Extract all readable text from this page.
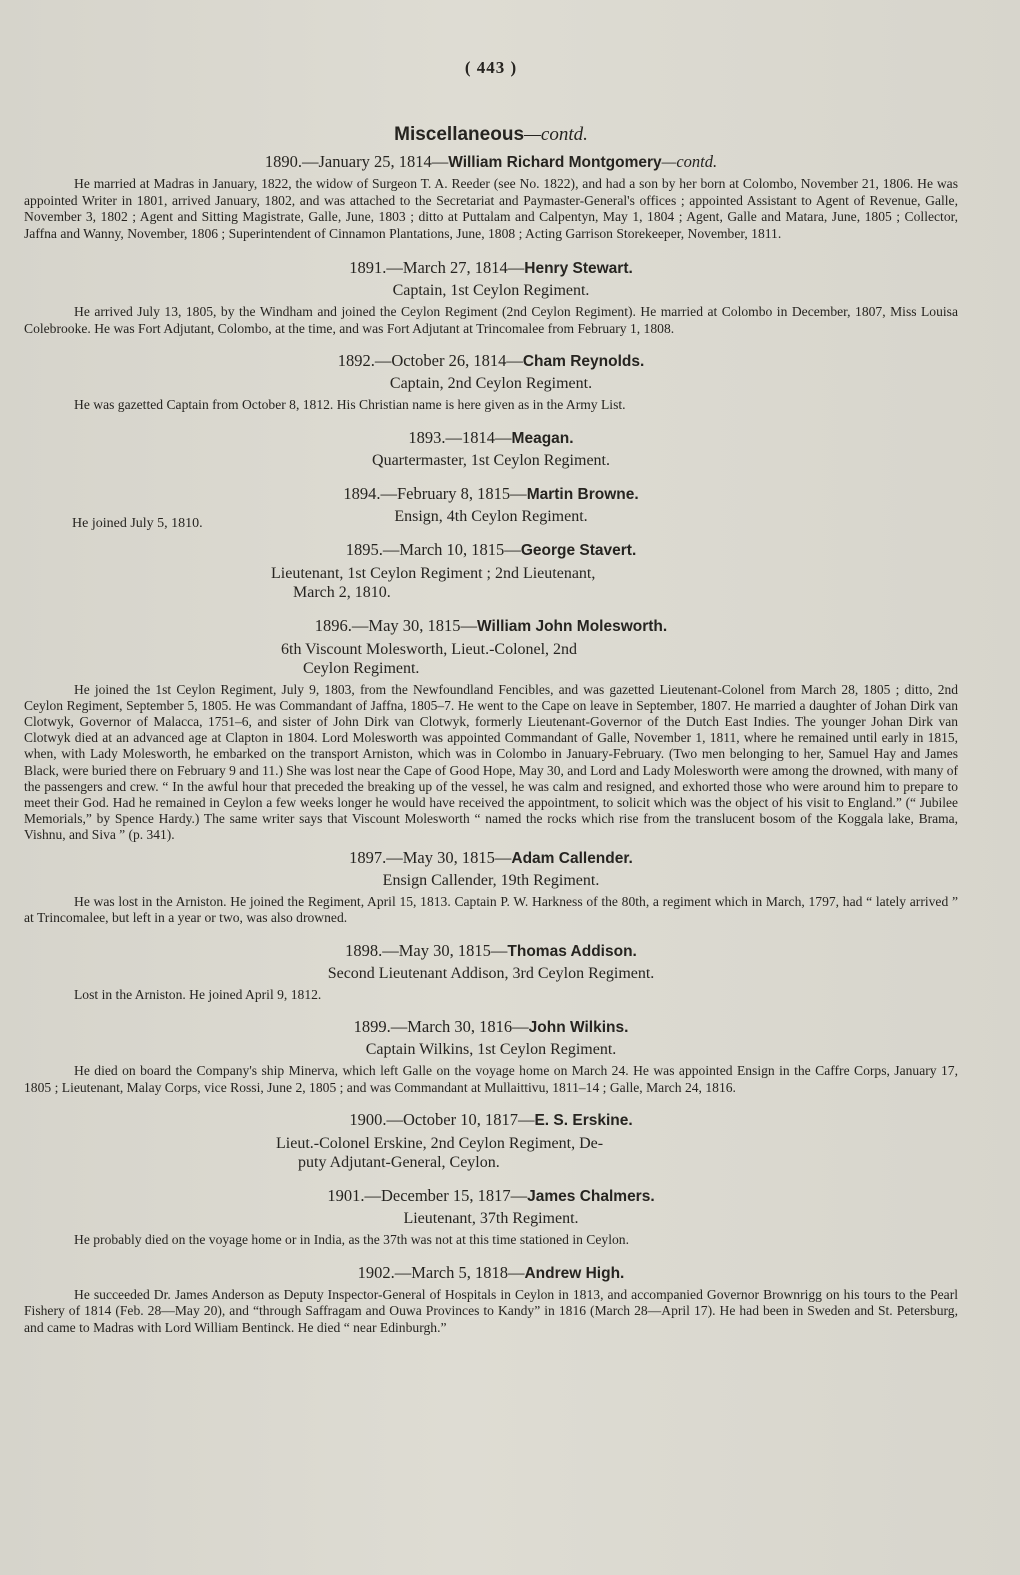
( 443 )
Miscellaneous—contd.
1890.—January 25, 1814—William Richard Montgomery—contd.

He married at Madras in January, 1822, the widow of Surgeon T. A. Reeder (see No. 1822), and had a son by her born at Colombo, November 21, 1806. He was appointed Writer in 1801, arrived January, 1802, and was attached to the Secretariat and Paymaster-General's offices ; appointed Assistant to Agent of Revenue, Galle, November 3, 1802 ; Agent and Sitting Magistrate, Galle, June, 1803 ; ditto at Puttalam and Calpentyn, May 1, 1804 ; Agent, Galle and Matara, June, 1805 ; Collector, Jaffna and Wanny, November, 1806 ; Superintendent of Cinnamon Plantations, June, 1808 ; Acting Garrison Storekeeper, November, 1811.

1891.—March 27, 1814—Henry Stewart.
Captain, 1st Ceylon Regiment.

He arrived July 13, 1805, by the Windham and joined the Ceylon Regiment (2nd Ceylon Regiment). He married at Colombo in December, 1807, Miss Louisa Colebrooke. He was Fort Adjutant, Colombo, at the time, and was Fort Adjutant at Trincomalee from February 1, 1808.

1892.—October 26, 1814—Cham Reynolds.
Captain, 2nd Ceylon Regiment.

He was gazetted Captain from October 8, 1812. His Christian name is here given as in the Army List.

1893.—1814—Meagan.
Quartermaster, 1st Ceylon Regiment.
1894.—February 8, 1815—Martin Browne.
Ensign, 4th Ceylon Regiment.

He joined July 5, 1810.

1895.—March 10, 1815—George Stavert.
Lieutenant, 1st Ceylon Regiment ; 2nd Lieutenant,
March 2, 1810.
1896.—May 30, 1815—William John Molesworth.
6th Viscount Molesworth, Lieut.-Colonel, 2nd
Ceylon Regiment.

He joined the 1st Ceylon Regiment, July 9, 1803, from the Newfoundland Fencibles, and was gazetted Lieutenant-Colonel from March 28, 1805 ; ditto, 2nd Ceylon Regiment, September 5, 1805. He was Commandant of Jaffna, 1805–7. He went to the Cape on leave in September, 1807. He married a daughter of Johan Dirk van Clotwyk, Governor of Malacca, 1751–6, and sister of John Dirk van Clotwyk, formerly Lieutenant-Governor of the Dutch East Indies. The younger Johan Dirk van Clotwyk died at an advanced age at Clapton in 1804. Lord Molesworth was appointed Commandant of Galle, November 1, 1811, where he remained until early in 1815, when, with Lady Molesworth, he embarked on the transport Arniston, which was in Colombo in January-February. (Two men belonging to her, Samuel Hay and James Black, were buried there on February 9 and 11.) She was lost near the Cape of Good Hope, May 30, and Lord and Lady Molesworth were among the drowned, with many of the passengers and crew. “ In the awful hour that preceded the breaking up of the vessel, he was calm and resigned, and exhorted those who were around him to prepare to meet their God. Had he remained in Ceylon a few weeks longer he would have received the appointment, to solicit which was the object of his visit to England.” (“ Jubilee Memorials,” by Spence Hardy.) The same writer says that Viscount Molesworth “ named the rocks which rise from the translucent bosom of the Koggala lake, Brama, Vishnu, and Siva ” (p. 341).

1897.—May 30, 1815—Adam Callender.
Ensign Callender, 19th Regiment.

He was lost in the Arniston. He joined the Regiment, April 15, 1813. Captain P. W. Harkness of the 80th, a regiment which in March, 1797, had “ lately arrived ” at Trincomalee, but left in a year or two, was also drowned.

1898.—May 30, 1815—Thomas Addison.
Second Lieutenant Addison, 3rd Ceylon Regiment.

Lost in the Arniston. He joined April 9, 1812.

1899.—March 30, 1816—John Wilkins.
Captain Wilkins, 1st Ceylon Regiment.

He died on board the Company's ship Minerva, which left Galle on the voyage home on March 24. He was appointed Ensign in the Caffre Corps, January 17, 1805 ; Lieutenant, Malay Corps, vice Rossi, June 2, 1805 ; and was Commandant at Mullaittivu, 1811–14 ; Galle, March 24, 1816.

1900.—October 10, 1817—E. S. Erskine.
Lieut.-Colonel Erskine, 2nd Ceylon Regiment, De-
puty Adjutant-General, Ceylon.
1901.—December 15, 1817—James Chalmers.
Lieutenant, 37th Regiment.

He probably died on the voyage home or in India, as the 37th was not at this time stationed in Ceylon.

1902.—March 5, 1818—Andrew High.

He succeeded Dr. James Anderson as Deputy Inspector-General of Hospitals in Ceylon in 1813, and accompanied Governor Brownrigg on his tours to the Pearl Fishery of 1814 (Feb. 28—May 20), and “through Saffragam and Ouwa Provinces to Kandy” in 1816 (March 28—April 17). He had been in Sweden and St. Petersburg, and came to Madras with Lord William Bentinck. He died “ near Edinburgh.”
